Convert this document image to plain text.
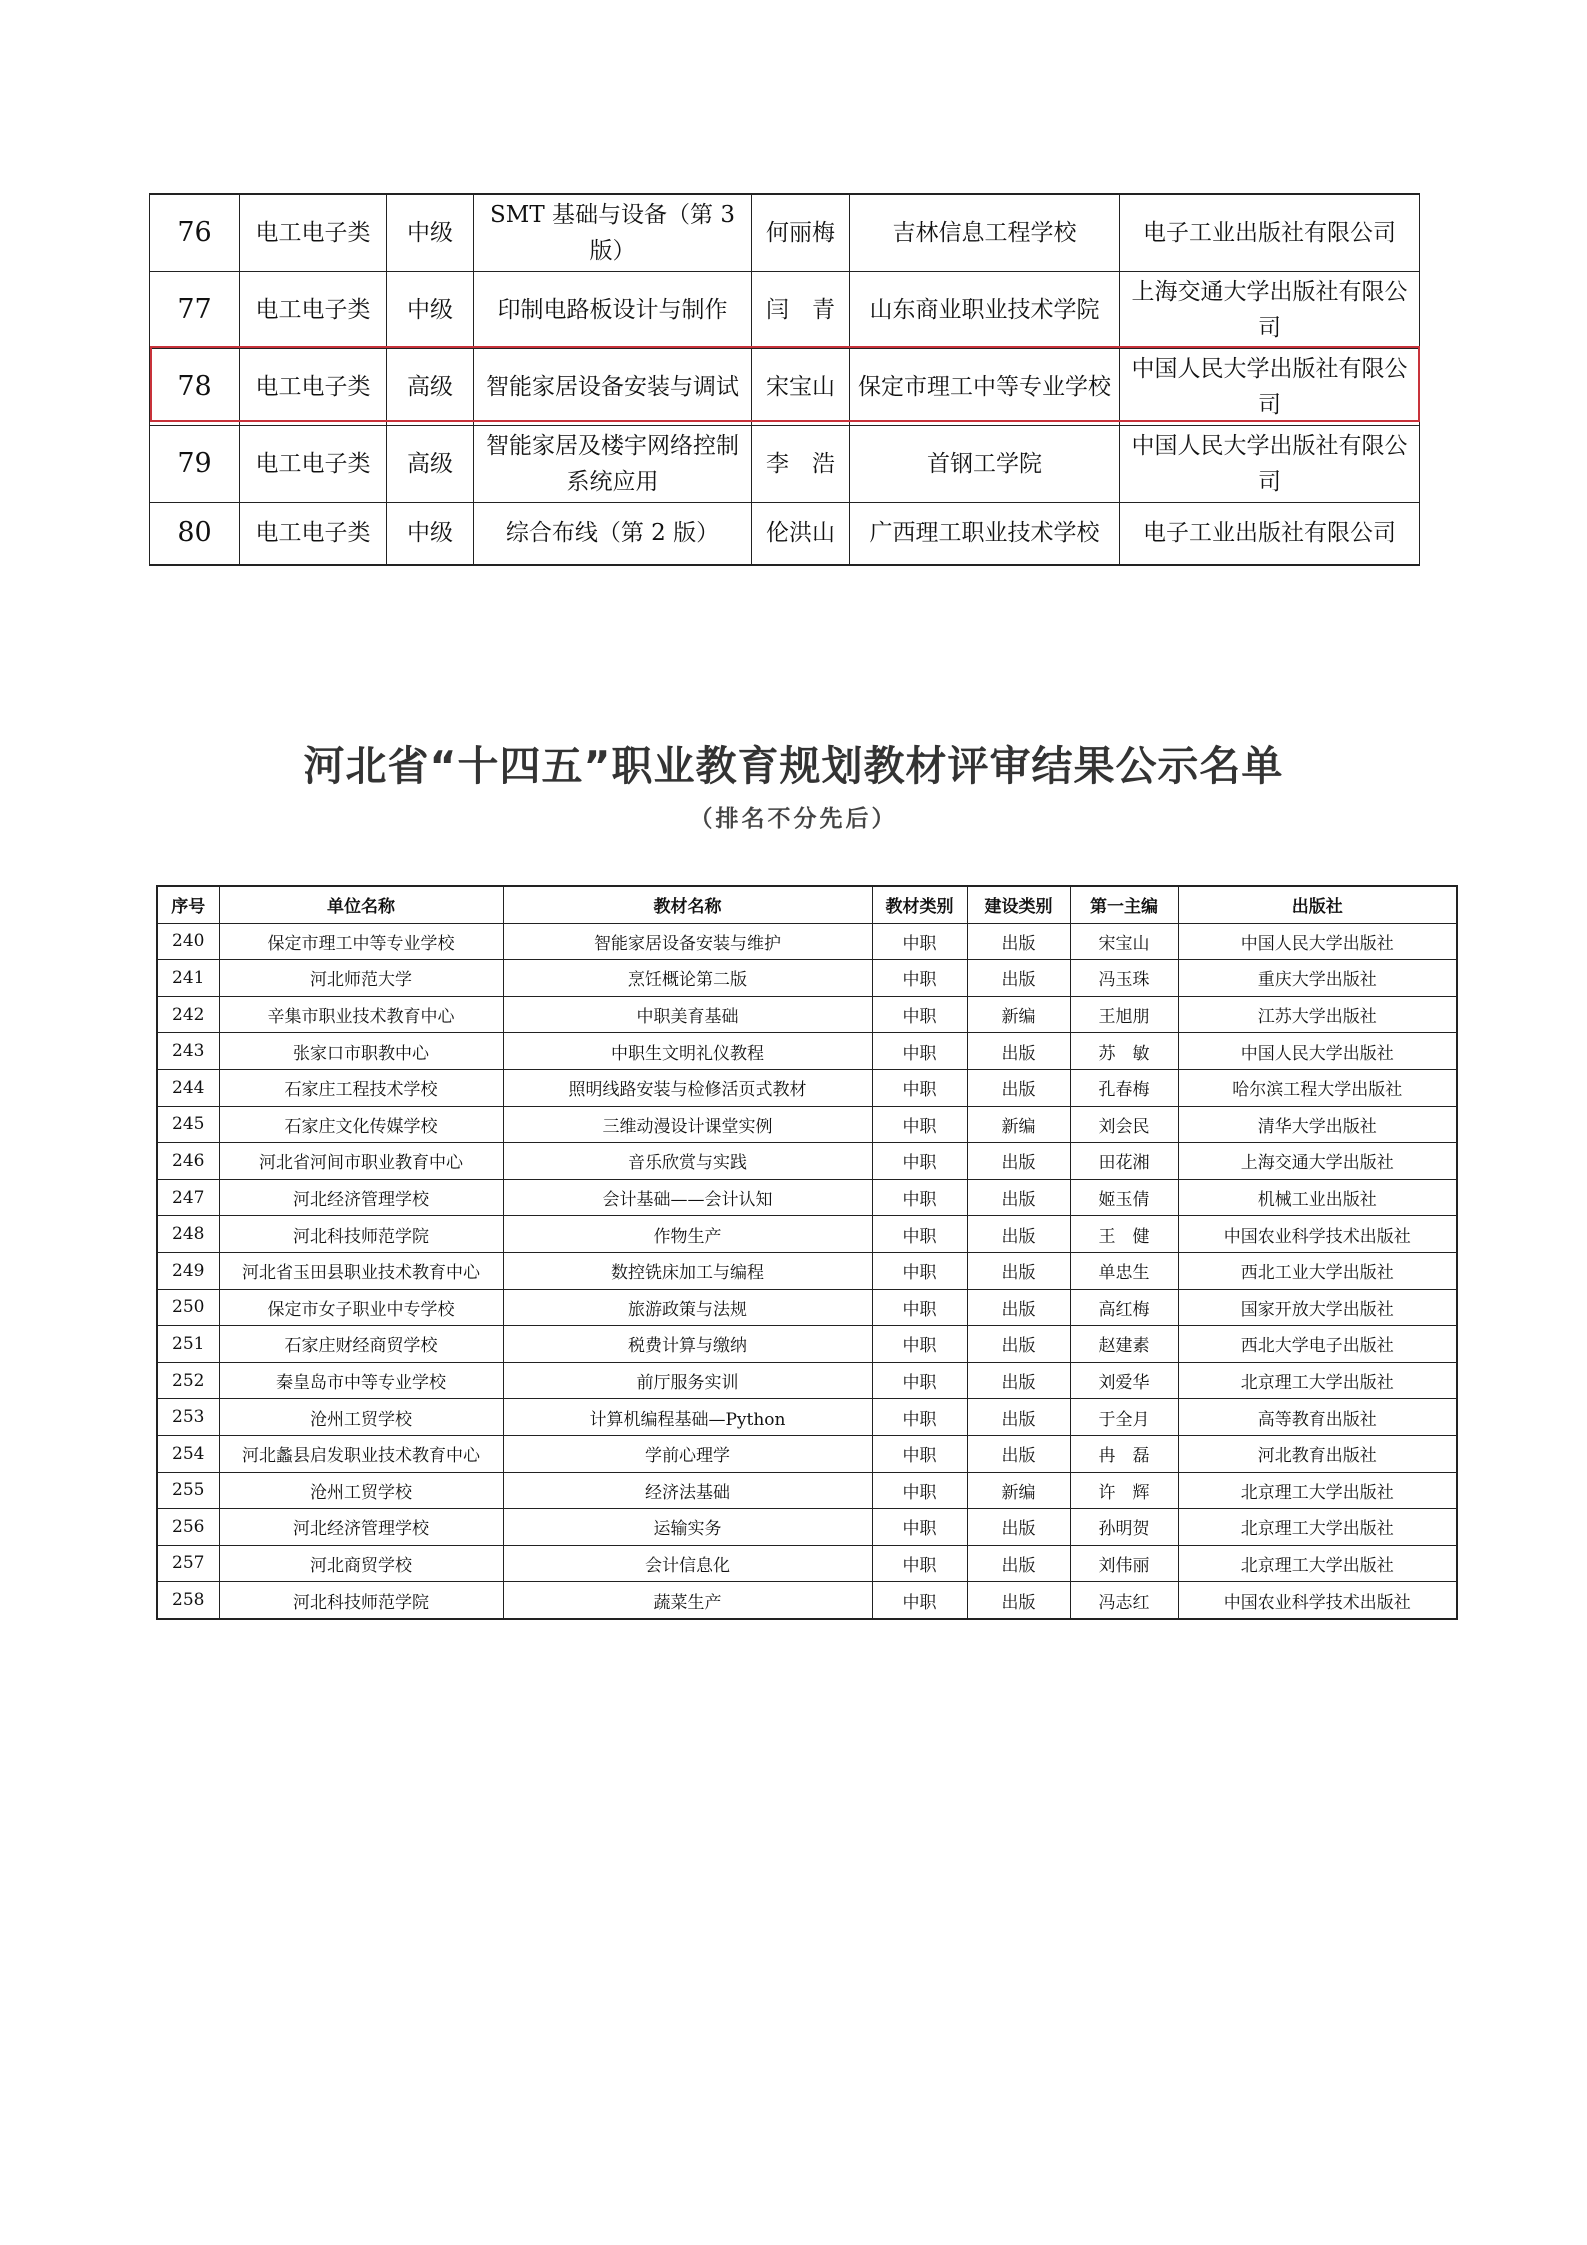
76	电工电子类	中级	SMT 基础与设备（第 3 版）	何丽梅	吉林信息工程学校	电子工业出版社有限公司
77	电工电子类	中级	印制电路板设计与制作	闫　青	山东商业职业技术学院	上海交通大学出版社有限公司
78	电工电子类	高级	智能家居设备安装与调试	宋宝山	保定市理工中等专业学校	中国人民大学出版社有限公司
79	电工电子类	高级	智能家居及楼宇网络控制系统应用	李　浩	首钢工学院	中国人民大学出版社有限公司
80	电工电子类	中级	综合布线（第 2 版）	伦洪山	广西理工职业技术学校	电子工业出版社有限公司
河北省“十四五”职业教育规划教材评审结果公示名单
（排名不分先后）
序号	单位名称	教材名称	教材类别	建设类别	第一主编	出版社
240	保定市理工中等专业学校	智能家居设备安装与维护	中职	出版	宋宝山	中国人民大学出版社
241	河北师范大学	烹饪概论第二版	中职	出版	冯玉珠	重庆大学出版社
242	辛集市职业技术教育中心	中职美育基础	中职	新编	王旭朋	江苏大学出版社
243	张家口市职教中心	中职生文明礼仪教程	中职	出版	苏　敏	中国人民大学出版社
244	石家庄工程技术学校	照明线路安装与检修活页式教材	中职	出版	孔春梅	哈尔滨工程大学出版社
245	石家庄文化传媒学校	三维动漫设计课堂实例	中职	新编	刘会民	清华大学出版社
246	河北省河间市职业教育中心	音乐欣赏与实践	中职	出版	田花湘	上海交通大学出版社
247	河北经济管理学校	会计基础——会计认知	中职	出版	姬玉倩	机械工业出版社
248	河北科技师范学院	作物生产	中职	出版	王　健	中国农业科学技术出版社
249	河北省玉田县职业技术教育中心	数控铣床加工与编程	中职	出版	单忠生	西北工业大学出版社
250	保定市女子职业中专学校	旅游政策与法规	中职	出版	高红梅	国家开放大学出版社
251	石家庄财经商贸学校	税费计算与缴纳	中职	出版	赵建素	西北大学电子出版社
252	秦皇岛市中等专业学校	前厅服务实训	中职	出版	刘爱华	北京理工大学出版社
253	沧州工贸学校	计算机编程基础—Python	中职	出版	于全月	高等教育出版社
254	河北蠡县启发职业技术教育中心	学前心理学	中职	出版	冉　磊	河北教育出版社
255	沧州工贸学校	经济法基础	中职	新编	许　辉	北京理工大学出版社
256	河北经济管理学校	运输实务	中职	出版	孙明贺	北京理工大学出版社
257	河北商贸学校	会计信息化	中职	出版	刘伟丽	北京理工大学出版社
258	河北科技师范学院	蔬菜生产	中职	出版	冯志红	中国农业科学技术出版社
